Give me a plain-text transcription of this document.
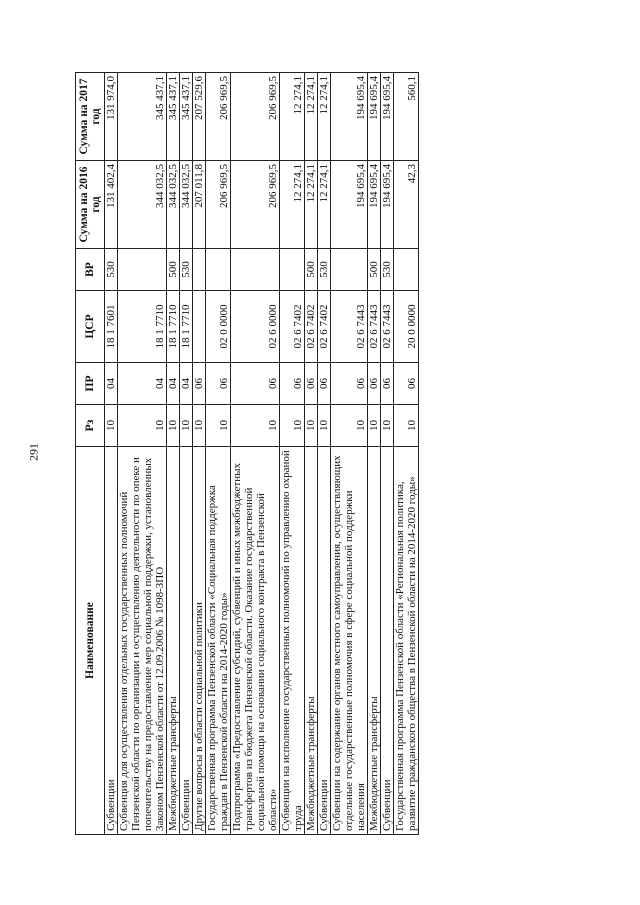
291
Наименование	Рз	ПР	ЦСР	ВР	Сумма на 2016 год	Сумма на 2017 год
Субвенции	10	04	18 1 7601	530	131 402,4	131 974,0
Субвенция для осуществления отдельных государственных полномочий Пензенской области по организации и осуществлению деятельности по опеке и попечительству на предоставление мер социальной поддержки, установленных Законом Пензенской области от 12.09.2006 № 1098-ЗПО	10	04	18 1 7710		344 032,5	345 437,1
Межбюджетные трансферты	10	04	18 1 7710	500	344 032,5	345 437,1
Субвенции	10	04	18 1 7710	530	344 032,5	345 437,1
Другие вопросы в области социальной политики	10	06			207 011,8	207 529,6
Государственная программа Пензенской области «Социальная поддержка граждан в Пензенской области на 2014-2020 годы»	10	06	02 0 0000		206 969,5	206 969,5
Подпрограмма «Предоставление субсидий, субвенций и иных межбюджетных трансфертов из бюджета Пензенской области. Оказание государственной социальной помощи на основании социального контракта в Пензенской области»	10	06	02 6 0000		206 969,5	206 969,5
Субвенции на исполнение государственных полномочий по управлению охраной труда	10	06	02 6 7402		12 274,1	12 274,1
Межбюджетные трансферты	10	06	02 6 7402	500	12 274,1	12 274,1
Субвенции	10	06	02 6 7402	530	12 274,1	12 274,1
Субвенции на содержание органов местного самоуправления, осуществляющих отдельные государственные полномочия в сфере социальной поддержки населения	10	06	02 6 7443		194 695,4	194 695,4
Межбюджетные трансферты	10	06	02 6 7443	500	194 695,4	194 695,4
Субвенции	10	06	02 6 7443	530	194 695,4	194 695,4
Государственная программа Пензенской области «Региональная политика, развитие гражданского общества в Пензенской области на 2014-2020 годы»	10	06	20 0 0000		42,3	560,1
